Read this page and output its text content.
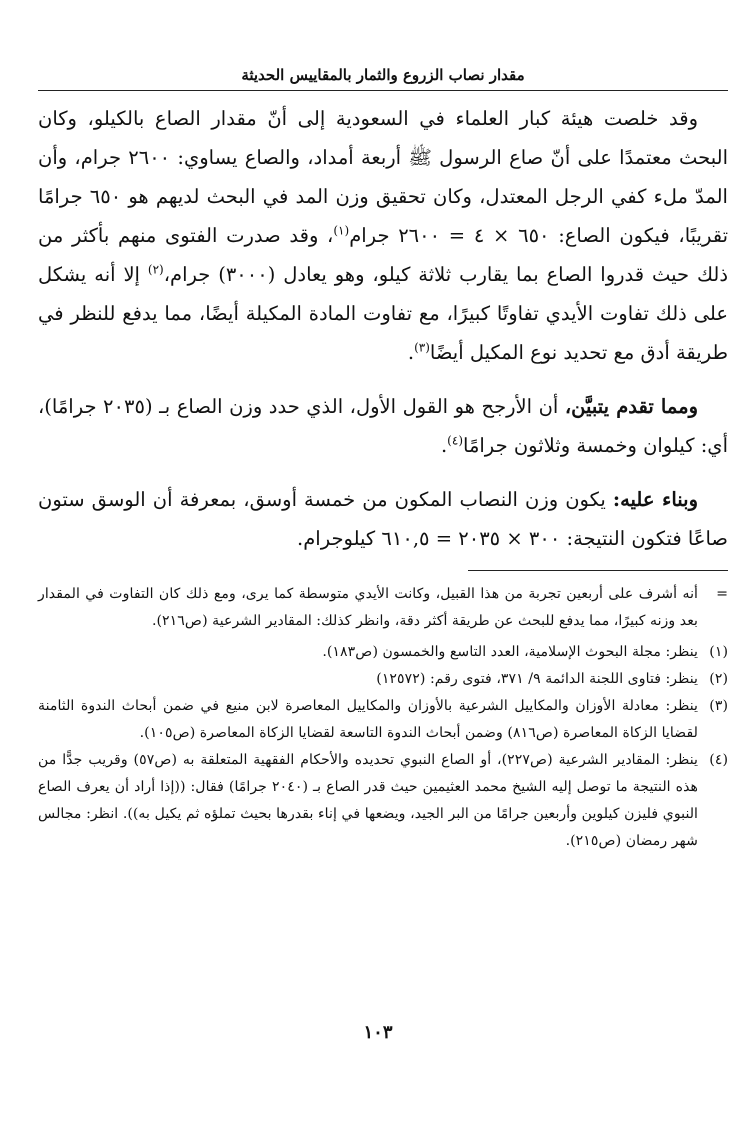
مقدار نصاب الزروع والثمار بالمقاييس الحديثة

وقد خلصت هيئة كبار العلماء في السعودية إلى أنّ مقدار الصاع بالكيلو، وكان البحث معتمدًا على أنّ صاع الرسول ﷺ أربعة أمداد، والصاع يساوي: ٢٦٠٠ جرام، وأن المدّ ملء كفي الرجل المعتدل، وكان تحقيق وزن المد في البحث لديهم هو ٦٥٠ جرامًا تقريبًا، فيكون الصاع: ٦٥٠ × ٤ = ٢٦٠٠ جرام$^{(١)}$، وقد صدرت الفتوى منهم بأكثر من ذلك حيث قدروا الصاع بما يقارب ثلاثة كيلو، وهو يعادل (٣٠٠٠) جرام،$^{(٢)}$ إلا أنه يشكل على ذلك تفاوت الأيدي تفاوتًا كبيرًا، مع تفاوت المادة المكيلة أيضًا، مما يدفع للنظر في طريقة أدق مع تحديد نوع المكيل أيضًا$^{(٣)}$.

ومما تقدم يتبيَّن، أن الأرجح هو القول الأول، الذي حدد وزن الصاع بـ (٢٠٣٥ جرامًا)، أي: كيلوان وخمسة وثلاثون جرامًا$^{(٤)}$.

وبناء عليه: يكون وزن النصاب المكون من خمسة أوسق، بمعرفة أن الوسق ستون صاعًا فتكون النتيجة: ٣٠٠ × ٢٠٣٥ = ٦١٠,٥ كيلوجرام.

=
أنه أشرف على أربعين تجربة من هذا القبيل، وكانت الأيدي متوسطة كما يرى، ومع ذلك كان التفاوت في المقدار بعد وزنه كبيرًا، مما يدفع للبحث عن طريقة أكثر دقة، وانظر كذلك: المقادير الشرعية (ص٢١٦).
(١)
ينظر: مجلة البحوث الإسلامية، العدد التاسع والخمسون (ص١٨٣).
(٢)
ينظر: فتاوى اللجنة الدائمة ٩/ ٣٧١، فتوى رقم: (١٢٥٧٢)
(٣)
ينظر: معادلة الأوزان والمكاييل الشرعية بالأوزان والمكاييل المعاصرة لابن منيع في ضمن أبحاث الندوة الثامنة لقضايا الزكاة المعاصرة (ص٨١٦) وضمن أبحاث الندوة التاسعة لقضايا الزكاة المعاصرة (ص١٠٥).
(٤)
ينظر: المقادير الشرعية (ص٢٢٧)، أو الصاع النبوي تحديده والأحكام الفقهية المتعلقة به (ص٥٧) وقريب جدًّا من هذه النتيجة ما توصل إليه الشيخ محمد العثيمين حيث قدر الصاع بـ (٢٠٤٠ جرامًا) فقال: ((إذا أراد أن يعرف الصاع النبوي فليزن كيلوين وأربعين جرامًا من البر الجيد، ويضعها في إناء بقدرها بحيث تملؤه ثم يكيل به)). انظر: مجالس شهر رمضان (ص٢١٥).
١٠٣
